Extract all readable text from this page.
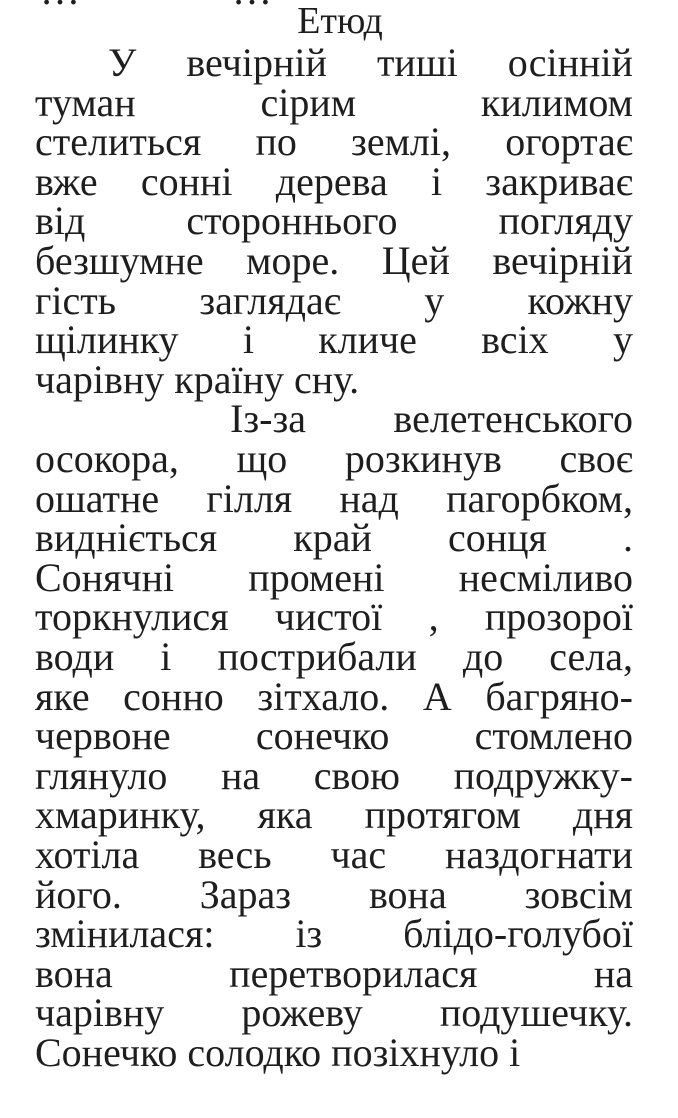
Етюд
У вечірній тиші осінній
туман	сірим	килимом
стелиться по землі, огортає
вже сонні дерева і закриває
від	стороннього	погляду
безшумне море. Цей вечірній
гість заглядає у кожну
щілинку і кличе всіх у
чарівну країну сну.
Із-за велетенського
осокора, що розкинув своє
ошатне гілля над пагорбком,
видніється край сонця .
Сонячні промені несміливо
торкнулися чистої , прозорої
води і пострибали до села,
яке сонно зітхало. А багряно-
червоне сонечко стомлено
глянуло на свою подружку-
хмаринку, яка протягом дня
хотіла весь час наздогнати
його. Зараз вона зовсім
змінилася: із блідо-голубої
вона	перетворилася	на
чарівну рожеву подушечку.
Сонечко солодко позіхнуло і
